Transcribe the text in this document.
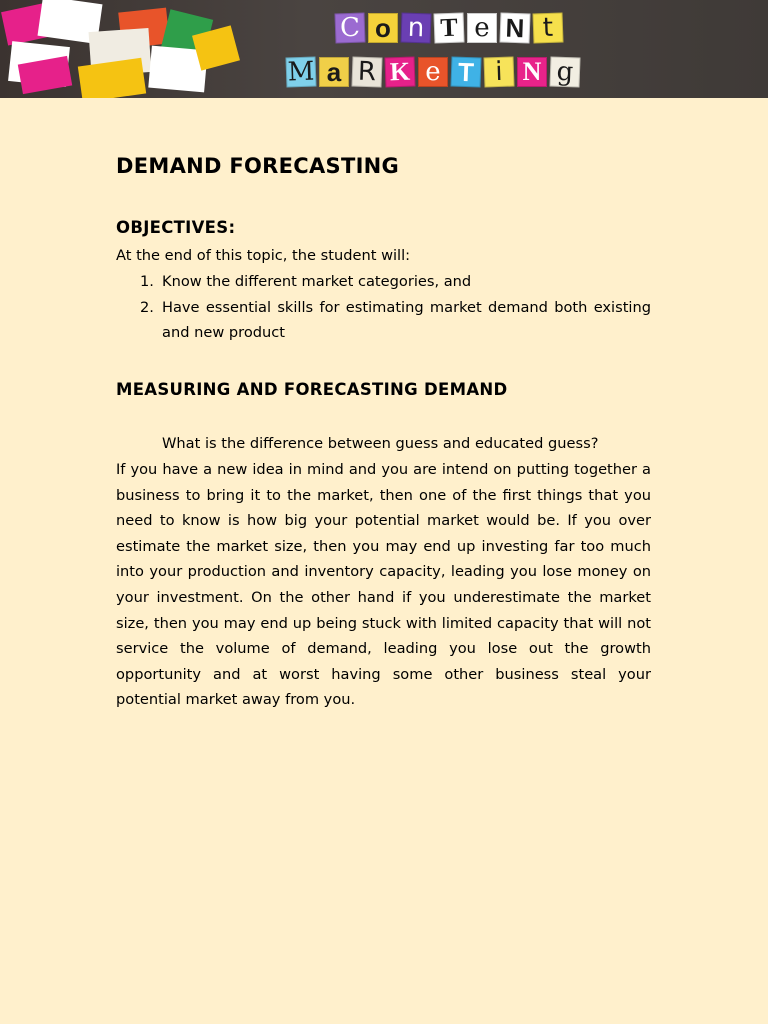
C o n T e N t
M a R K e T i N g
DEMAND FORECASTING
OBJECTIVES:
At the end of this topic, the student will:
1. Know the different market categories, and
2. Have essential skills for estimating market demand both existing and new product
MEASURING AND FORECASTING DEMAND
What is the difference between guess and educated guess?
If you have a new idea in mind and you are intend on putting together a business to bring it to the market, then one of the first things that you need to know is how big your potential market would be. If you over estimate the market size, then you may end up investing far too much into your production and inventory capacity, leading you lose money on your investment. On the other hand if you underestimate the market size, then you may end up being stuck with limited capacity that will not service the volume of demand, leading you lose out the growth opportunity and at worst having some other business steal your potential market away from you.
